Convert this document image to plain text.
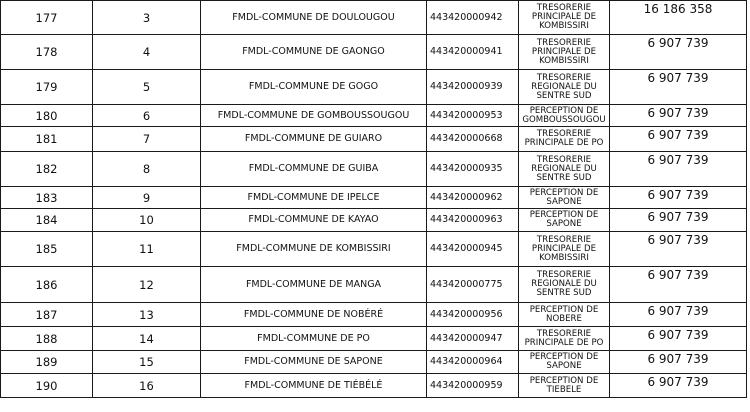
177	3	FMDL-COMMUNE DE DOULOUGOU	443420000942	TRESORERIE
PRINCIPALE DE
KOMBISSIRI	16 186 358
178	4	FMDL-COMMUNE DE GAONGO	443420000941	TRESORERIE
PRINCIPALE DE
KOMBISSIRI	6 907 739
179	5	FMDL-COMMUNE DE GOGO	443420000939	TRESORERIE
REGIONALE DU
SENTRE SUD	6 907 739
180	6	FMDL-COMMUNE DE GOMBOUSSOUGOU	443420000953	PERCEPTION DE
GOMBOUSSOUGOU	6 907 739
181	7	FMDL-COMMUNE DE GUIARO	443420000668	TRESORERIE
PRINCIPALE DE PO	6 907 739
182	8	FMDL-COMMUNE DE GUIBA	443420000935	TRESORERIE
REGIONALE DU
SENTRE SUD	6 907 739
183	9	FMDL-COMMUNE DE IPELCE	443420000962	PERCEPTION DE
SAPONE	6 907 739
184	10	FMDL-COMMUNE DE KAYAO	443420000963	PERCEPTION DE
SAPONE	6 907 739
185	11	FMDL-COMMUNE DE KOMBISSIRI	443420000945	TRESORERIE
PRINCIPALE DE
KOMBISSIRI	6 907 739
186	12	FMDL-COMMUNE DE MANGA	443420000775	TRESORERIE
REGIONALE DU
SENTRE SUD	6 907 739
187	13	FMDL-COMMUNE DE NOBÉRÉ	443420000956	PERCEPTION DE
NOBERE	6 907 739
188	14	FMDL-COMMUNE DE PO	443420000947	TRESORERIE
PRINCIPALE DE PO	6 907 739
189	15	FMDL-COMMUNE DE SAPONE	443420000964	PERCEPTION DE
SAPONE	6 907 739
190	16	FMDL-COMMUNE DE TIÉBÉLÉ	443420000959	PERCEPTION DE
TIEBELE	6 907 739
